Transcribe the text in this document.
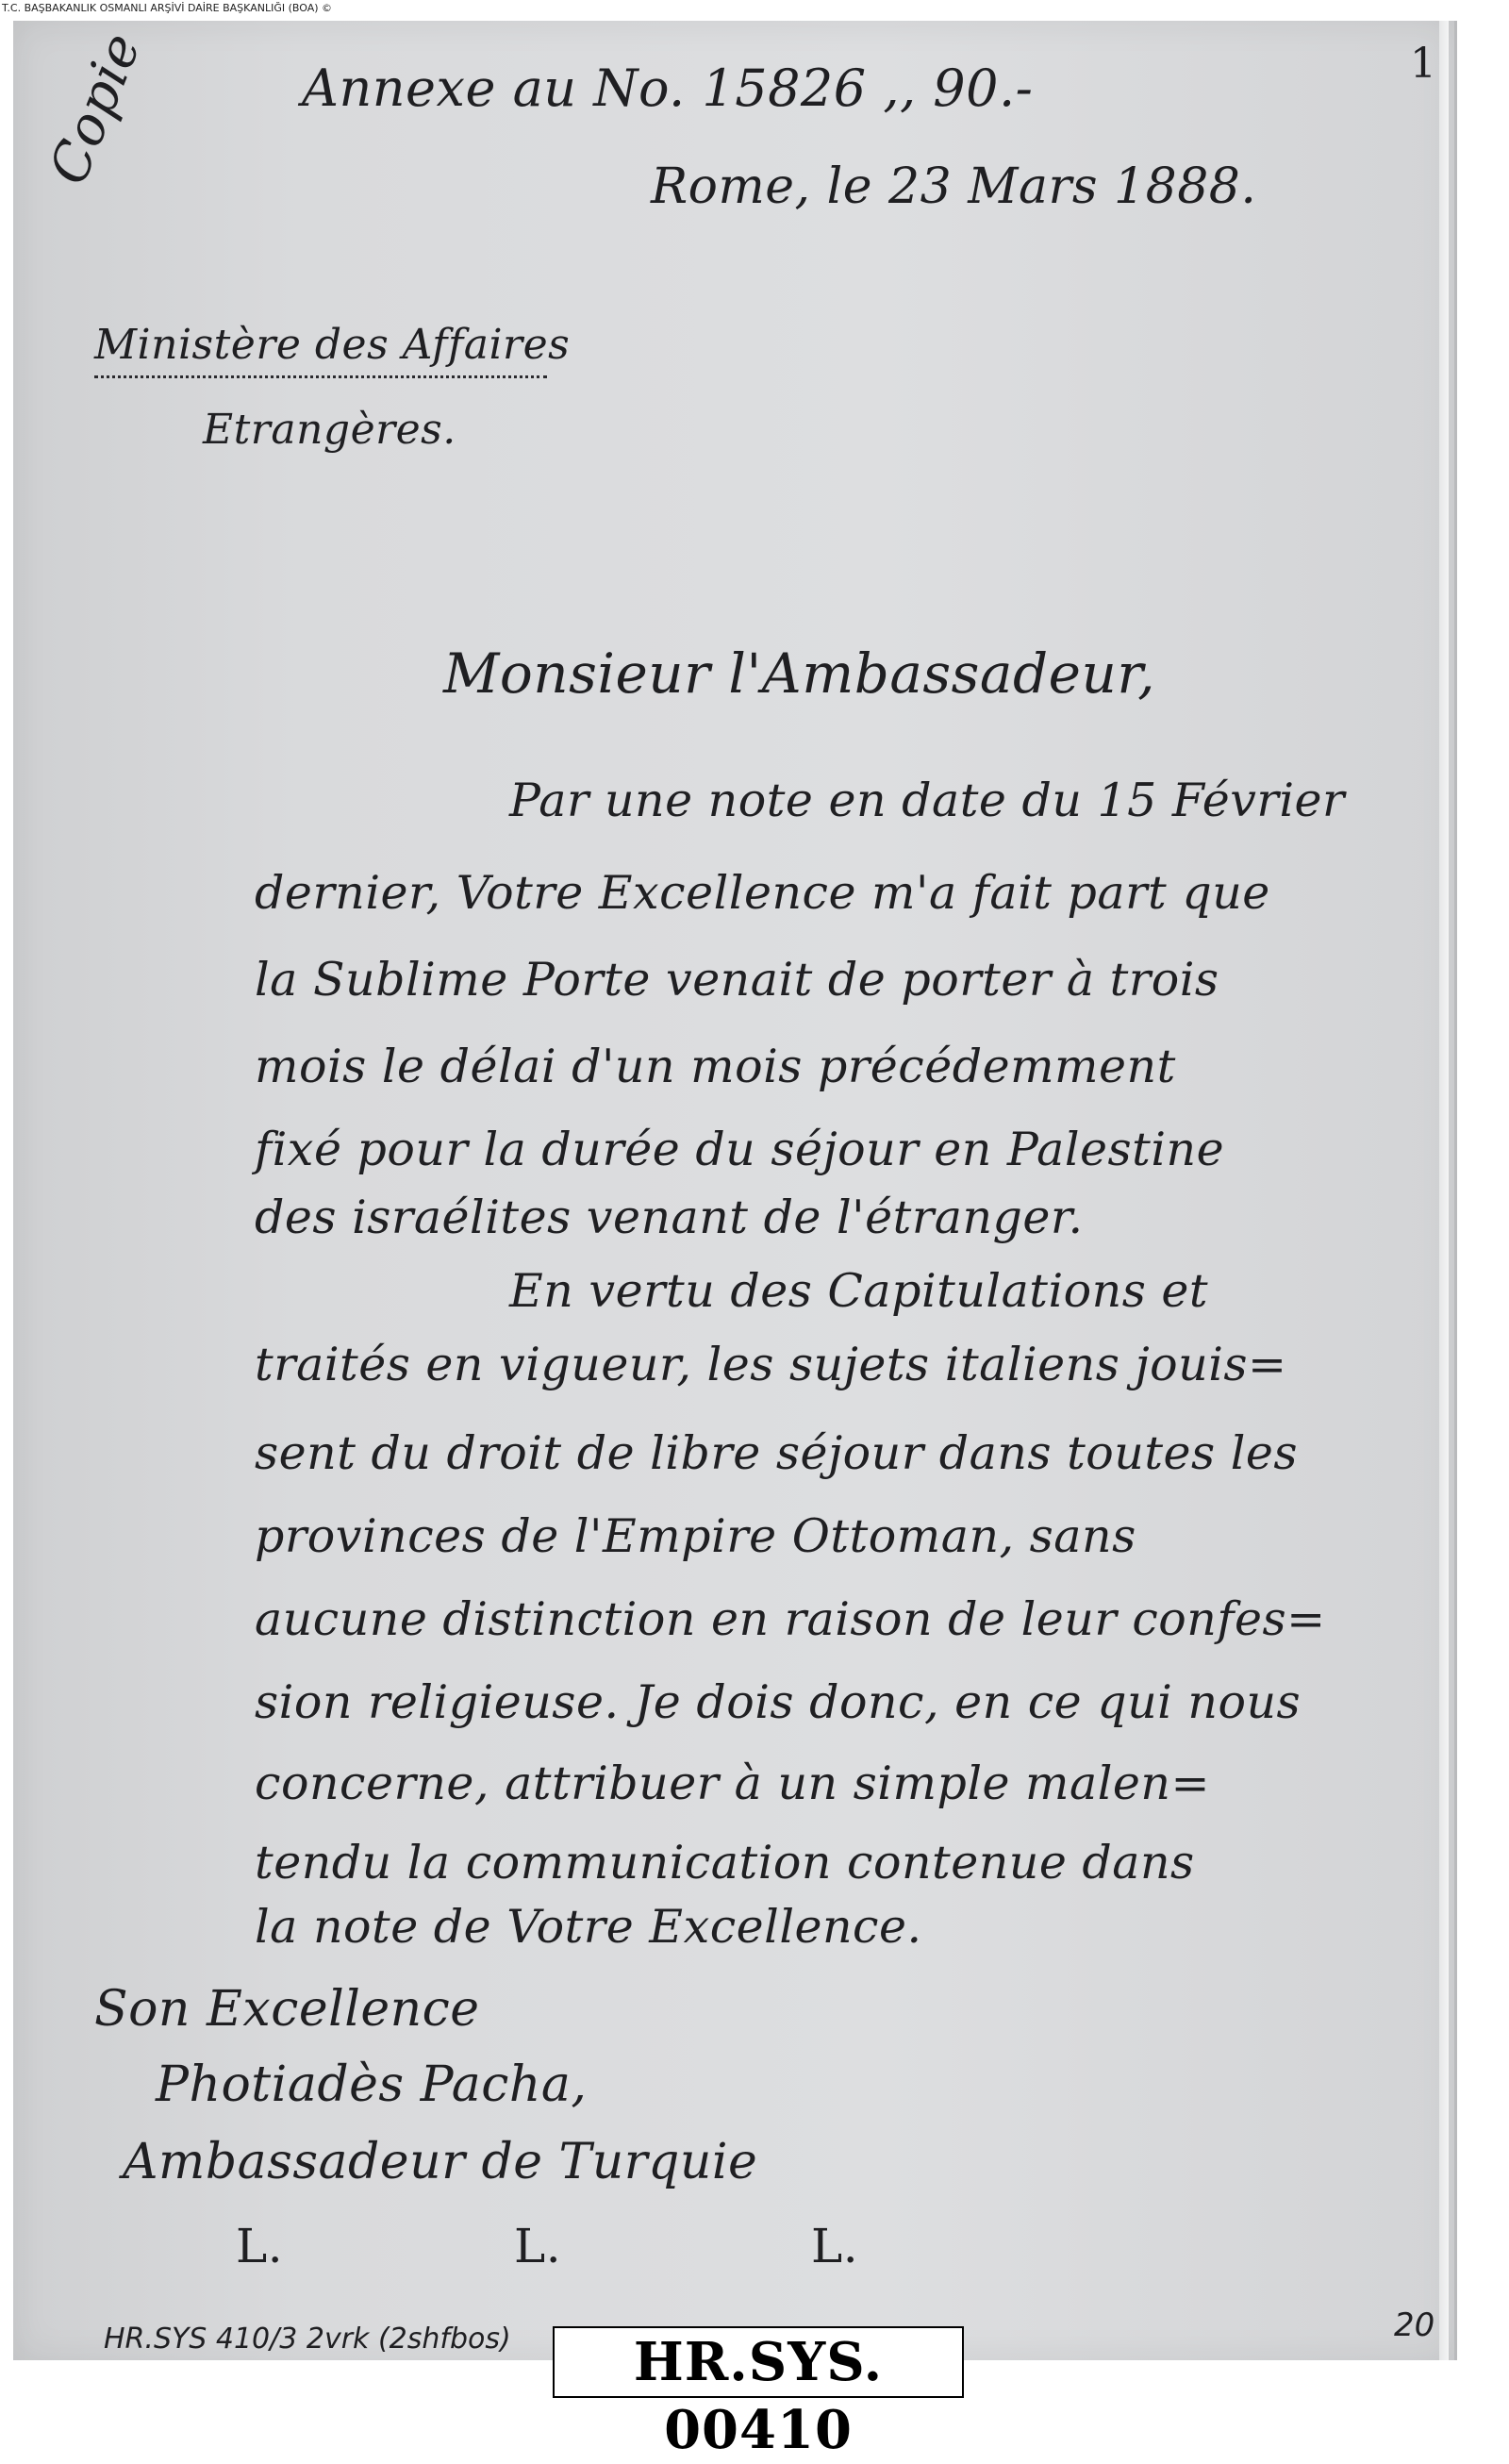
T.C. BAŞBAKANLIK OSMANLI ARŞİVİ DAİRE BAŞKANLIĞI (BOA) ©

Annexe au No. 15826 ,, 90.-	1

Rome, le 23 Mars 1888.

Copie

Ministère des Affaires

Etrangères.

Monsieur l'Ambassadeur,

Par une note en date du 15 Février

dernier, Votre Excellence m'a fait part que

la Sublime Porte venait de porter à trois

mois le délai d'un mois précédemment

fixé pour la durée du séjour en Palestine

des israélites venant de l'étranger.

En vertu des Capitulations et

traités en vigueur, les sujets italiens jouis=

sent du droit de libre séjour dans toutes les

provinces de l'Empire Ottoman, sans

aucune distinction en raison de leur confes=

sion religieuse. Je dois donc, en ce qui nous

concerne, attribuer à un simple malen=

tendu la communication contenue dans

la note de Votre Excellence.

Son Excellence

Photiadès Pacha,

Ambassadeur de Turquie

L.	L.	L.

HR.SYS 410/3 2vrk (2shfbos)	20
HR.SYS. 00410
